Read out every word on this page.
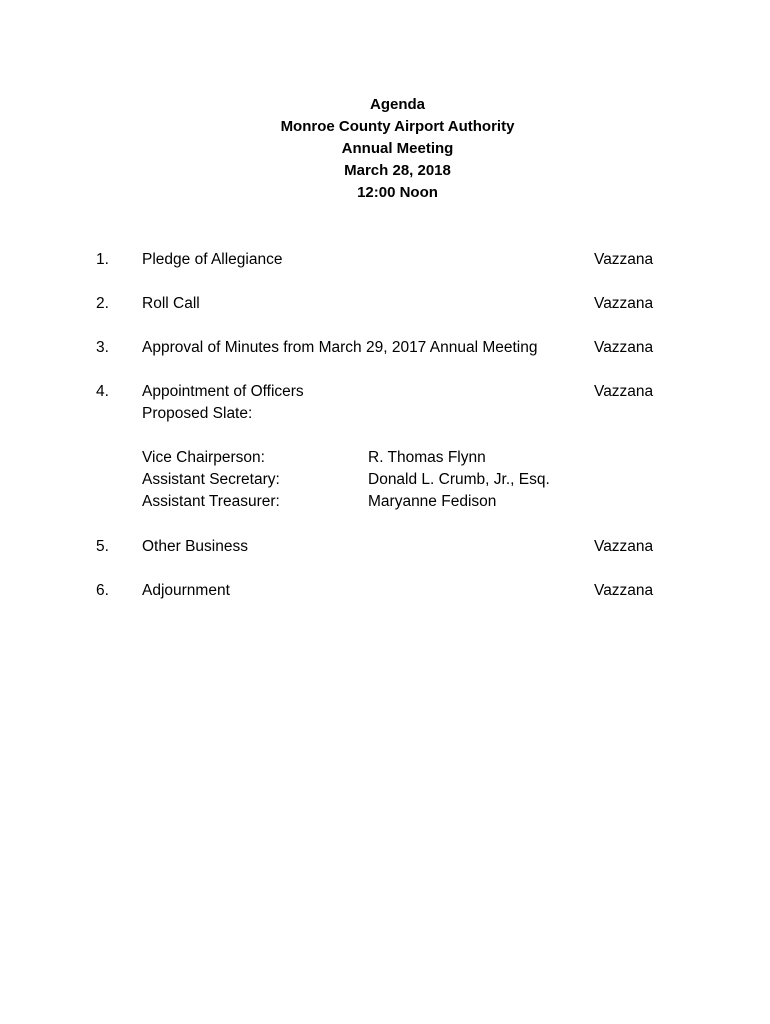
Agenda
Monroe County Airport Authority
Annual Meeting
March 28, 2018
12:00 Noon
1. Pledge of Allegiance	Vazzana
2. Roll Call	Vazzana
3. Approval of Minutes from March 29, 2017 Annual Meeting	Vazzana
4. Appointment of Officers	Vazzana
Proposed Slate:
Vice Chairperson:	R. Thomas Flynn
Assistant Secretary:	Donald L. Crumb, Jr., Esq.
Assistant Treasurer:	Maryanne Fedison
5. Other Business	Vazzana
6. Adjournment	Vazzana
